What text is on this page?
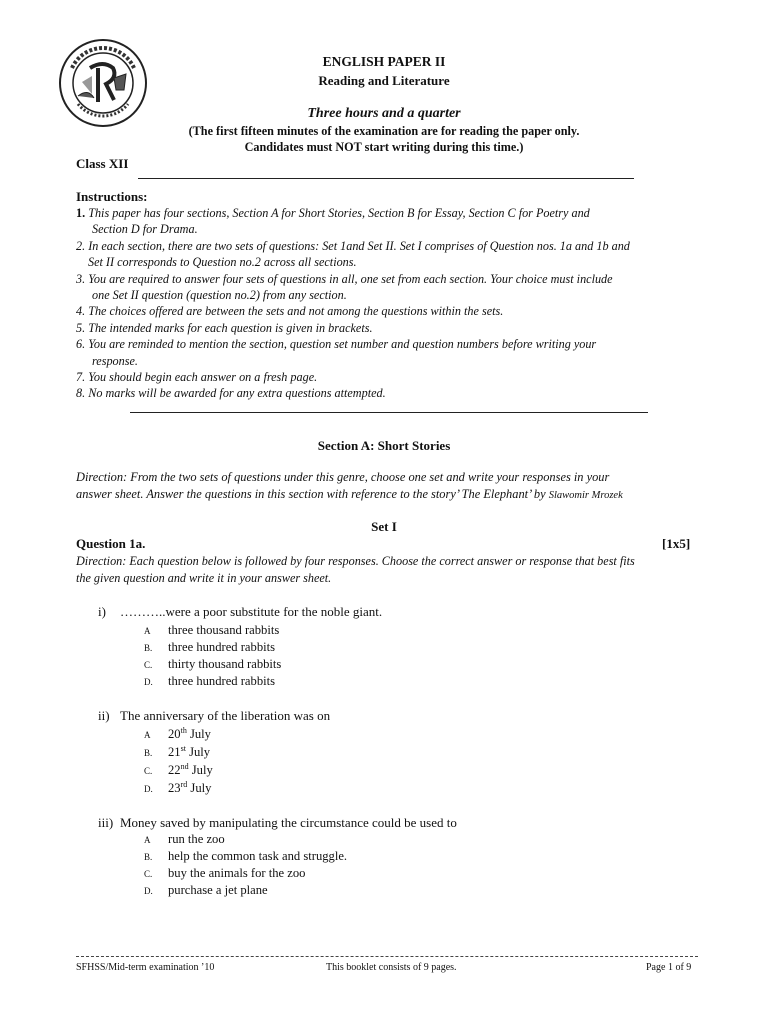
ENGLISH PAPER II
Reading and Literature
Three hours and a quarter
(The first fifteen minutes of the examination are for reading the paper only.
Candidates must NOT start writing during this time.)
Class XII
Instructions:
1. This paper has four sections, Section A for Short Stories, Section B for Essay, Section C for Poetry and
Section D for Drama.
2. In each section, there are two sets of questions: Set 1and Set II. Set I comprises of Question nos. 1a and 1b and
Set II corresponds to Question no.2 across all sections.
3. You are required to answer four sets of questions in all, one set from each section. Your choice must include
one Set II question (question no.2) from any section.
4. The choices offered are between the sets and not among the questions within the sets.
5. The intended marks for each question is given in brackets.
6. You are reminded to mention the section, question set number and question numbers before writing your
response.
7. You should begin each answer on a fresh page.
8. No marks will be awarded for any extra questions attempted.
Section A: Short Stories
Direction: From the two sets of questions under this genre, choose one set and write your responses in your
answer sheet. Answer the questions in this section with reference to the story’ The Elephant’ by Slawomir Mrozek
Set I
Question 1a.	[1x5]
Direction: Each question below is followed by four responses. Choose the correct answer or response that best fits
the given question and write it in your answer sheet.
i) ………..were a poor substitute for the noble giant.
A three thousand rabbits
B. three hundred rabbits
C. thirty thousand rabbits
D. three hundred rabbits
ii) The anniversary of the liberation was on
A 20th July
B. 21st July
C. 22nd July
D. 23rd July
iii) Money saved by manipulating the circumstance could be used to
A run the zoo
B. help the common task and struggle.
C. buy the animals for the zoo
D. purchase a jet plane
SFHSS/Mid-term examination ’10	This booklet consists of 9 pages.	Page 1 of 9
